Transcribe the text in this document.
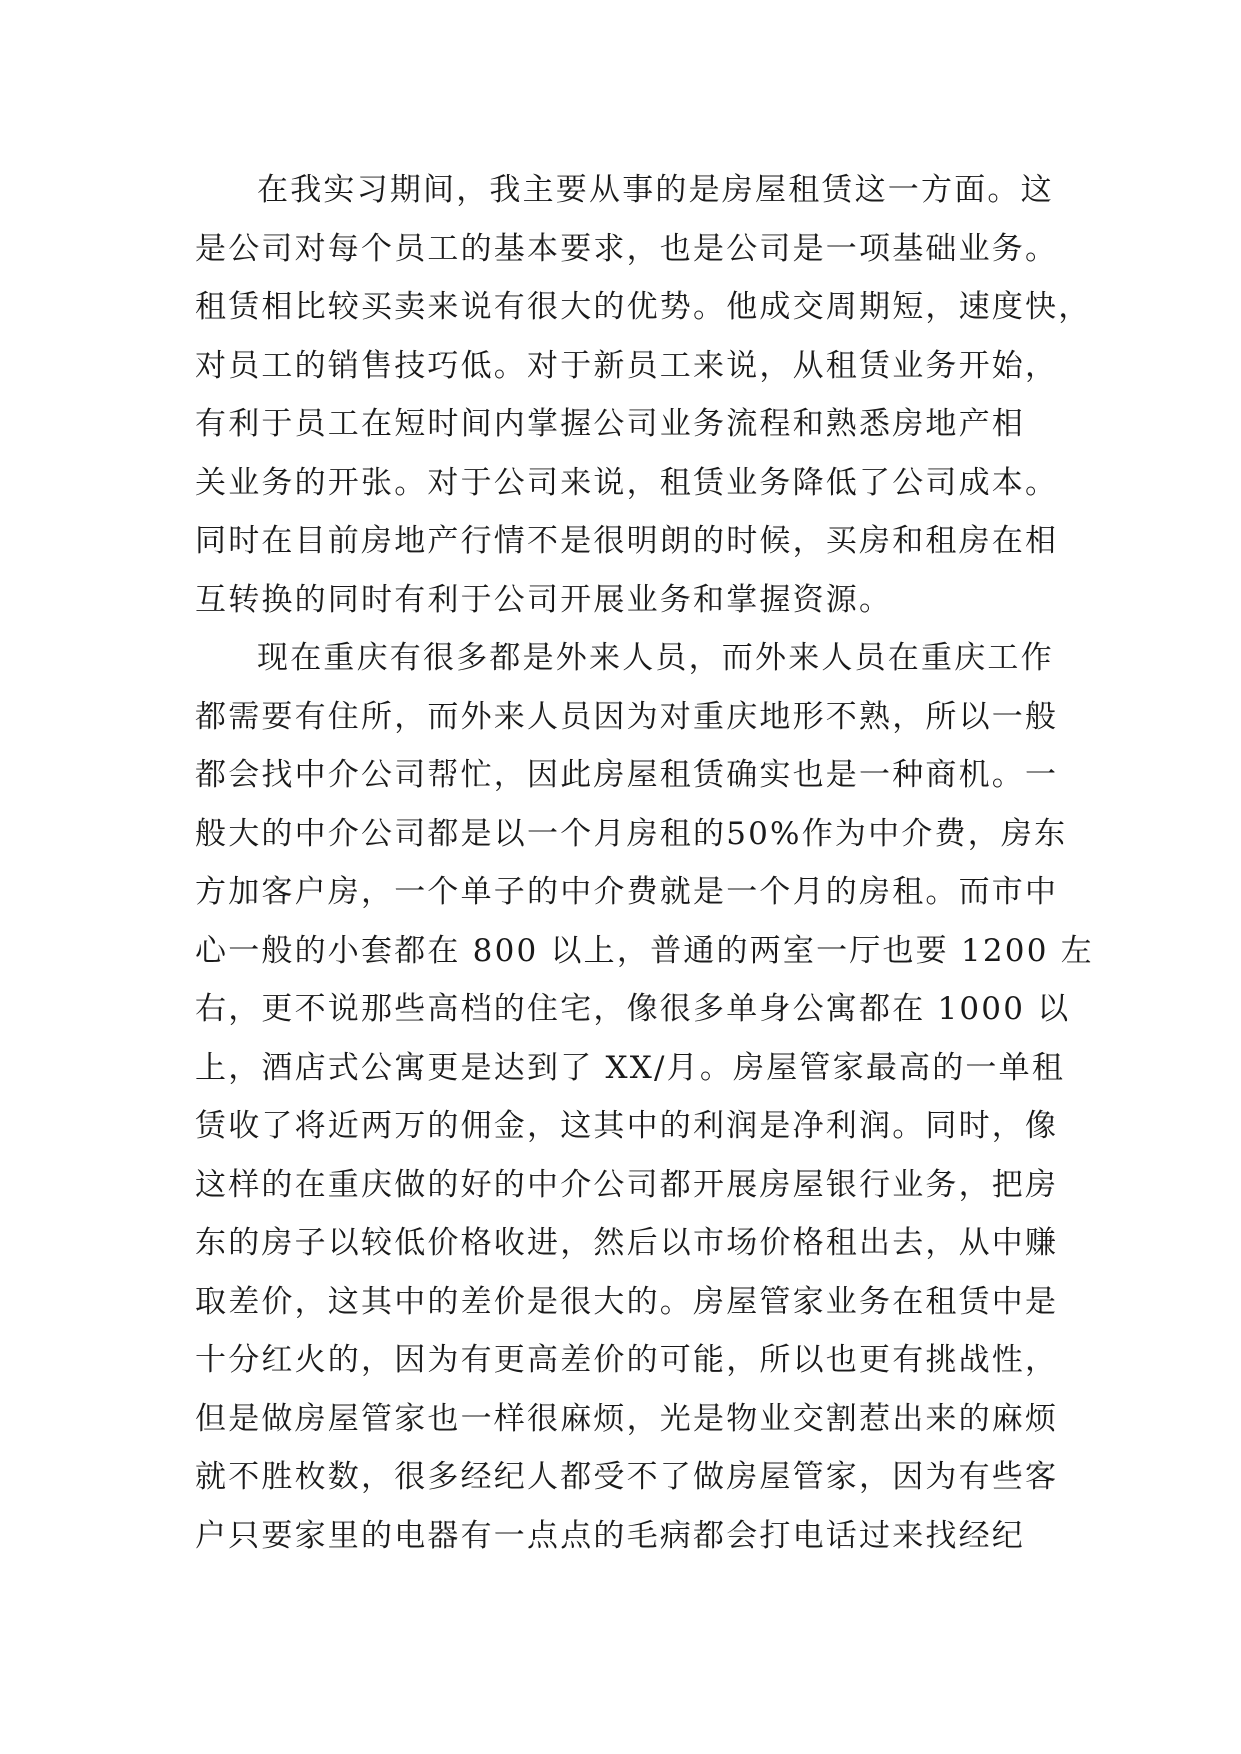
在我实习期间，我主要从事的是房屋租赁这一方面。这
是公司对每个员工的基本要求，也是公司是一项基础业务。
租赁相比较买卖来说有很大的优势。他成交周期短，速度快，
对员工的销售技巧低。对于新员工来说，从租赁业务开始，
有利于员工在短时间内掌握公司业务流程和熟悉房地产相
关业务的开张。对于公司来说，租赁业务降低了公司成本。
同时在目前房地产行情不是很明朗的时候，买房和租房在相
互转换的同时有利于公司开展业务和掌握资源。
现在重庆有很多都是外来人员，而外来人员在重庆工作
都需要有住所，而外来人员因为对重庆地形不熟，所以一般
都会找中介公司帮忙，因此房屋租赁确实也是一种商机。一
般大的中介公司都是以一个月房租的50%作为中介费，房东
方加客户房，一个单子的中介费就是一个月的房租。而市中
心一般的小套都在 800 以上，普通的两室一厅也要 1200 左
右，更不说那些高档的住宅，像很多单身公寓都在 1000 以
上，酒店式公寓更是达到了 XX/月。房屋管家最高的一单租
赁收了将近两万的佣金，这其中的利润是净利润。同时，像
这样的在重庆做的好的中介公司都开展房屋银行业务，把房
东的房子以较低价格收进，然后以市场价格租出去，从中赚
取差价，这其中的差价是很大的。房屋管家业务在租赁中是
十分红火的，因为有更高差价的可能，所以也更有挑战性，
但是做房屋管家也一样很麻烦，光是物业交割惹出来的麻烦
就不胜枚数，很多经纪人都受不了做房屋管家，因为有些客
户只要家里的电器有一点点的毛病都会打电话过来找经纪
